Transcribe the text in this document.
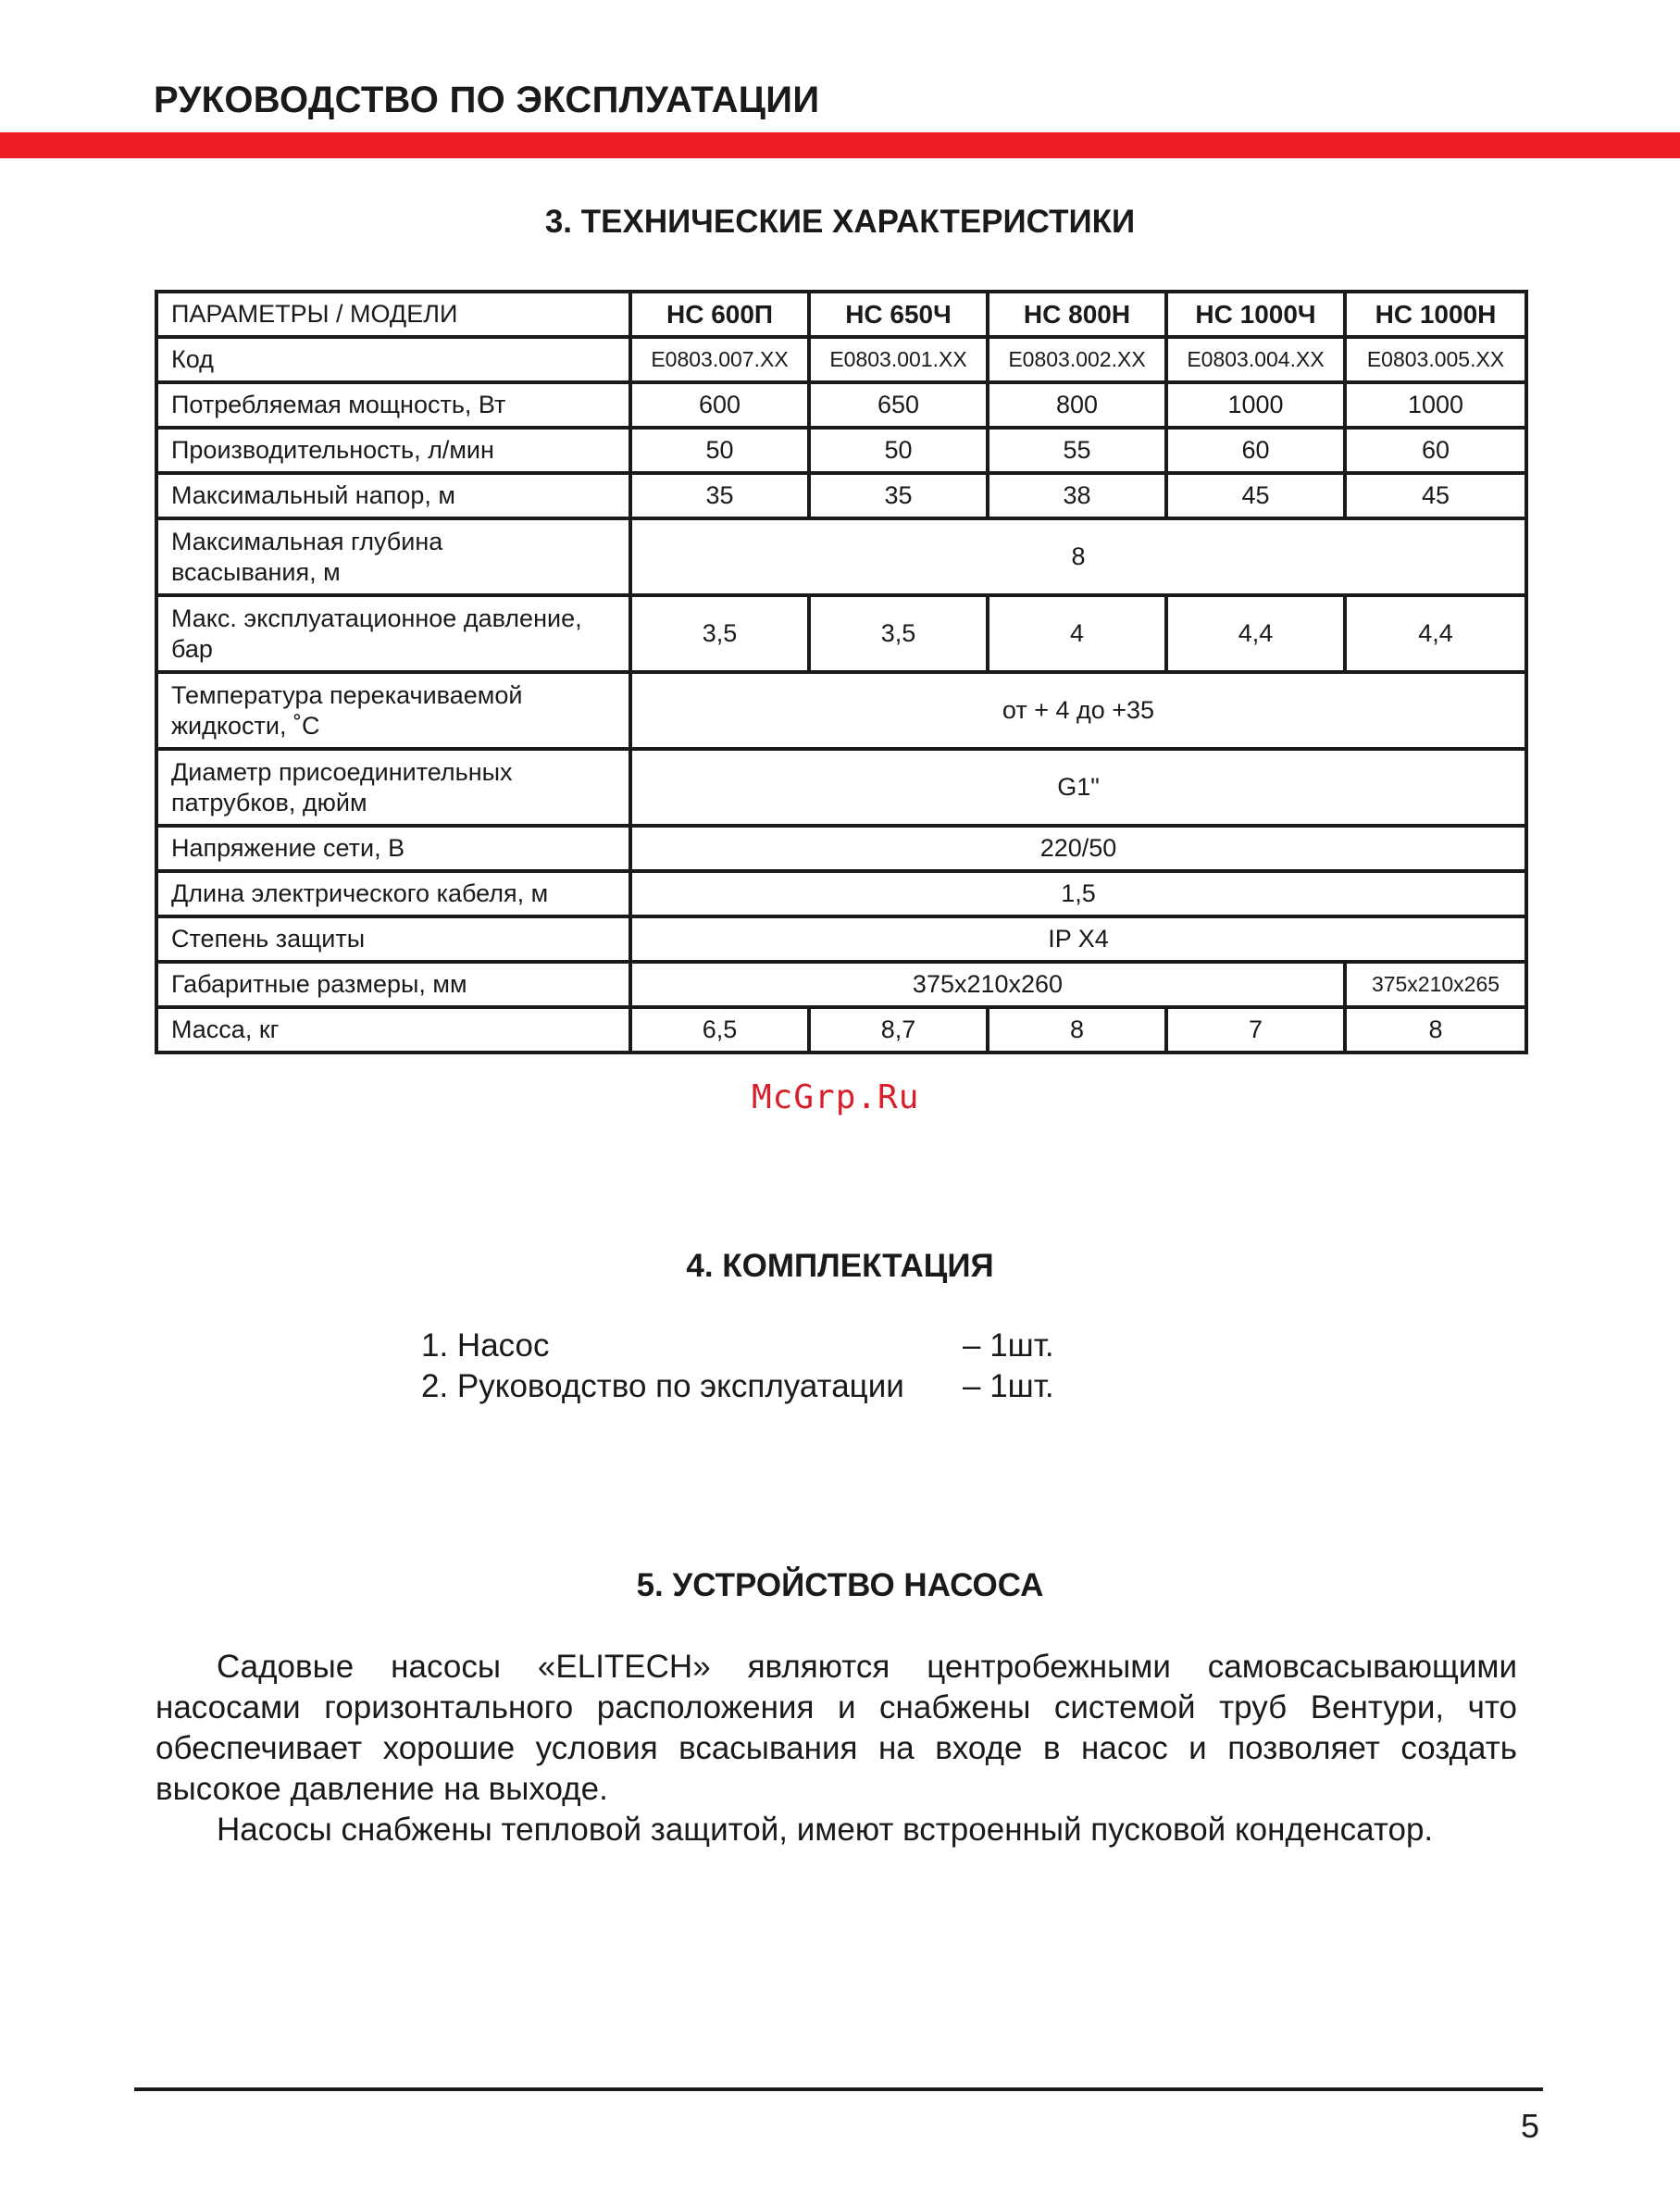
РУКОВОДСТВО ПО ЭКСПЛУАТАЦИИ
3. ТЕХНИЧЕСКИЕ ХАРАКТЕРИСТИКИ
ПАРАМЕТРЫ / МОДЕЛИ	НС 600П	НС 650Ч	НС 800Н	НС 1000Ч	НС 1000Н
Код	E0803.007.XX	E0803.001.XX	E0803.002.XX	E0803.004.XX	E0803.005.XX
Потребляемая мощность, Вт	600	650	800	1000	1000
Производительность, л/мин	50	50	55	60	60
Максимальный напор, м	35	35	38	45	45
Максимальная глубина
всасывания, м	8				
Макс. эксплуатационное давление,
бар	3,5	3,5	4	4,4	4,4
Температура перекачиваемой
жидкости, ˚С	от + 4 до +35				
Диаметр присоединительных
патрубков, дюйм	G1"				
Напряжение сети, В	220/50				
Длина электрического кабеля, м	1,5				
Степень защиты	IP X4				
Габаритные размеры, мм	375x210x260				375x210x265
Масса, кг	6,5	8,7	8	7	8
McGrp.Ru
4. КОМПЛЕКТАЦИЯ
1. Насос	– 1шт.
2. Руководство по эксплуатации – 1шт.
5. УСТРОЙСТВО НАСОСА

Садовые насосы «ELITECH» являются центробежными самовсасывающими насосами горизонтального расположения и снабжены системой труб Вентури, что обеспечивает хорошие условия всасывания на входе в насос и позволяет создать высокое давление на выходе.

Насосы снабжены тепловой защитой, имеют встроенный пусковой конденсатор.

5
